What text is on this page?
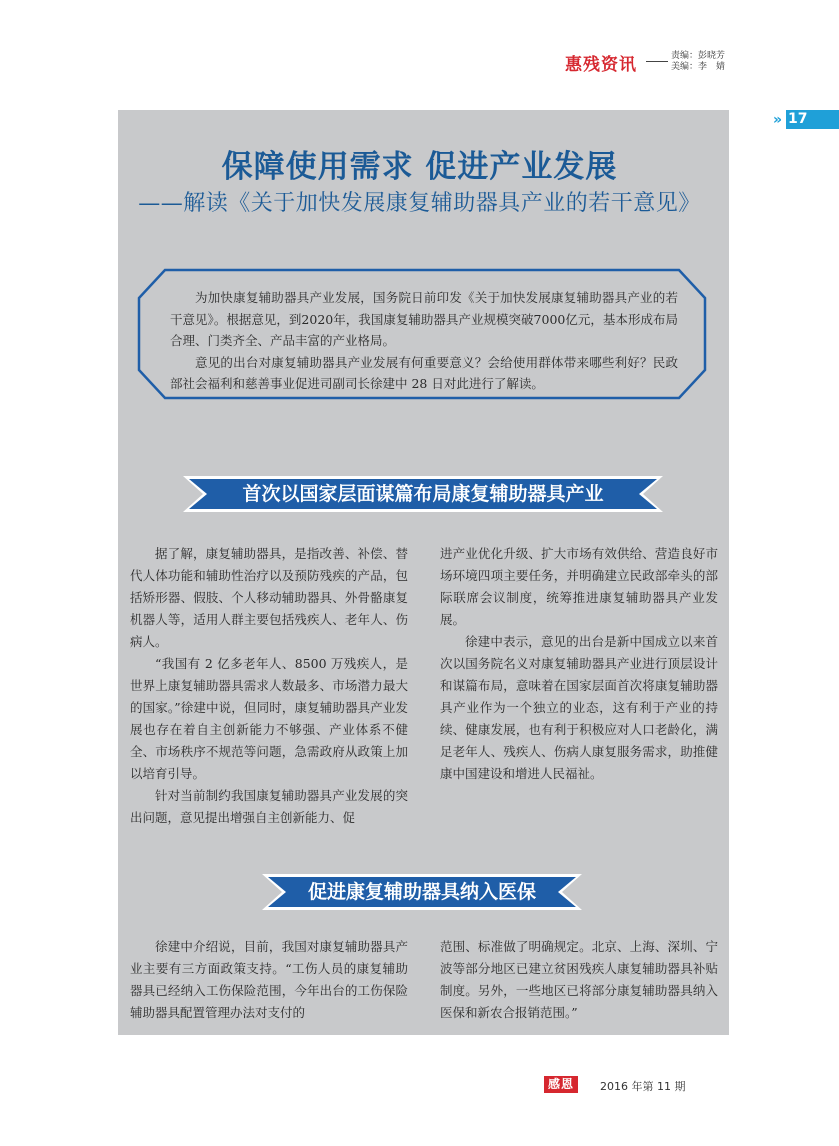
惠残资讯	责编：彭晓芳
美编：李　婧
» 17
保障使用需求 促进产业发展
——解读《关于加快发展康复辅助器具产业的若干意见》

为加快康复辅助器具产业发展，国务院日前印发《关于加快发展康复辅助器具产业的若干意见》。根据意见，到2020年，我国康复辅助器具产业规模突破7000亿元，基本形成布局合理、门类齐全、产品丰富的产业格局。

意见的出台对康复辅助器具产业发展有何重要意义？会给使用群体带来哪些利好？民政部社会福利和慈善事业促进司副司长徐建中 28 日对此进行了解读。

首次以国家层面谋篇布局康复辅助器具产业

据了解，康复辅助器具，是指改善、补偿、替代人体功能和辅助性治疗以及预防残疾的产品，包括矫形器、假肢、个人移动辅助器具、外骨骼康复机器人等，适用人群主要包括残疾人、老年人、伤病人。

“我国有 2 亿多老年人、8500 万残疾人，是世界上康复辅助器具需求人数最多、市场潜力最大的国家。”徐建中说，但同时，康复辅助器具产业发展也存在着自主创新能力不够强、产业体系不健全、市场秩序不规范等问题，急需政府从政策上加以培育引导。

针对当前制约我国康复辅助器具产业发展的突出问题，意见提出增强自主创新能力、促

进产业优化升级、扩大市场有效供给、营造良好市场环境四项主要任务，并明确建立民政部牵头的部际联席会议制度，统筹推进康复辅助器具产业发展。

徐建中表示，意见的出台是新中国成立以来首次以国务院名义对康复辅助器具产业进行顶层设计和谋篇布局，意味着在国家层面首次将康复辅助器具产业作为一个独立的业态，这有利于产业的持续、健康发展，也有利于积极应对人口老龄化，满足老年人、残疾人、伤病人康复服务需求，助推健康中国建设和增进人民福祉。

促进康复辅助器具纳入医保

徐建中介绍说，目前，我国对康复辅助器具产业主要有三方面政策支持。“工伤人员的康复辅助器具已经纳入工伤保险范围，今年出台的工伤保险辅助器具配置管理办法对支付的

范围、标准做了明确规定。北京、上海、深圳、宁波等部分地区已建立贫困残疾人康复辅助器具补贴制度。另外，一些地区已将部分康复辅助器具纳入医保和新农合报销范围。”

感恩	2016 年第 11 期
